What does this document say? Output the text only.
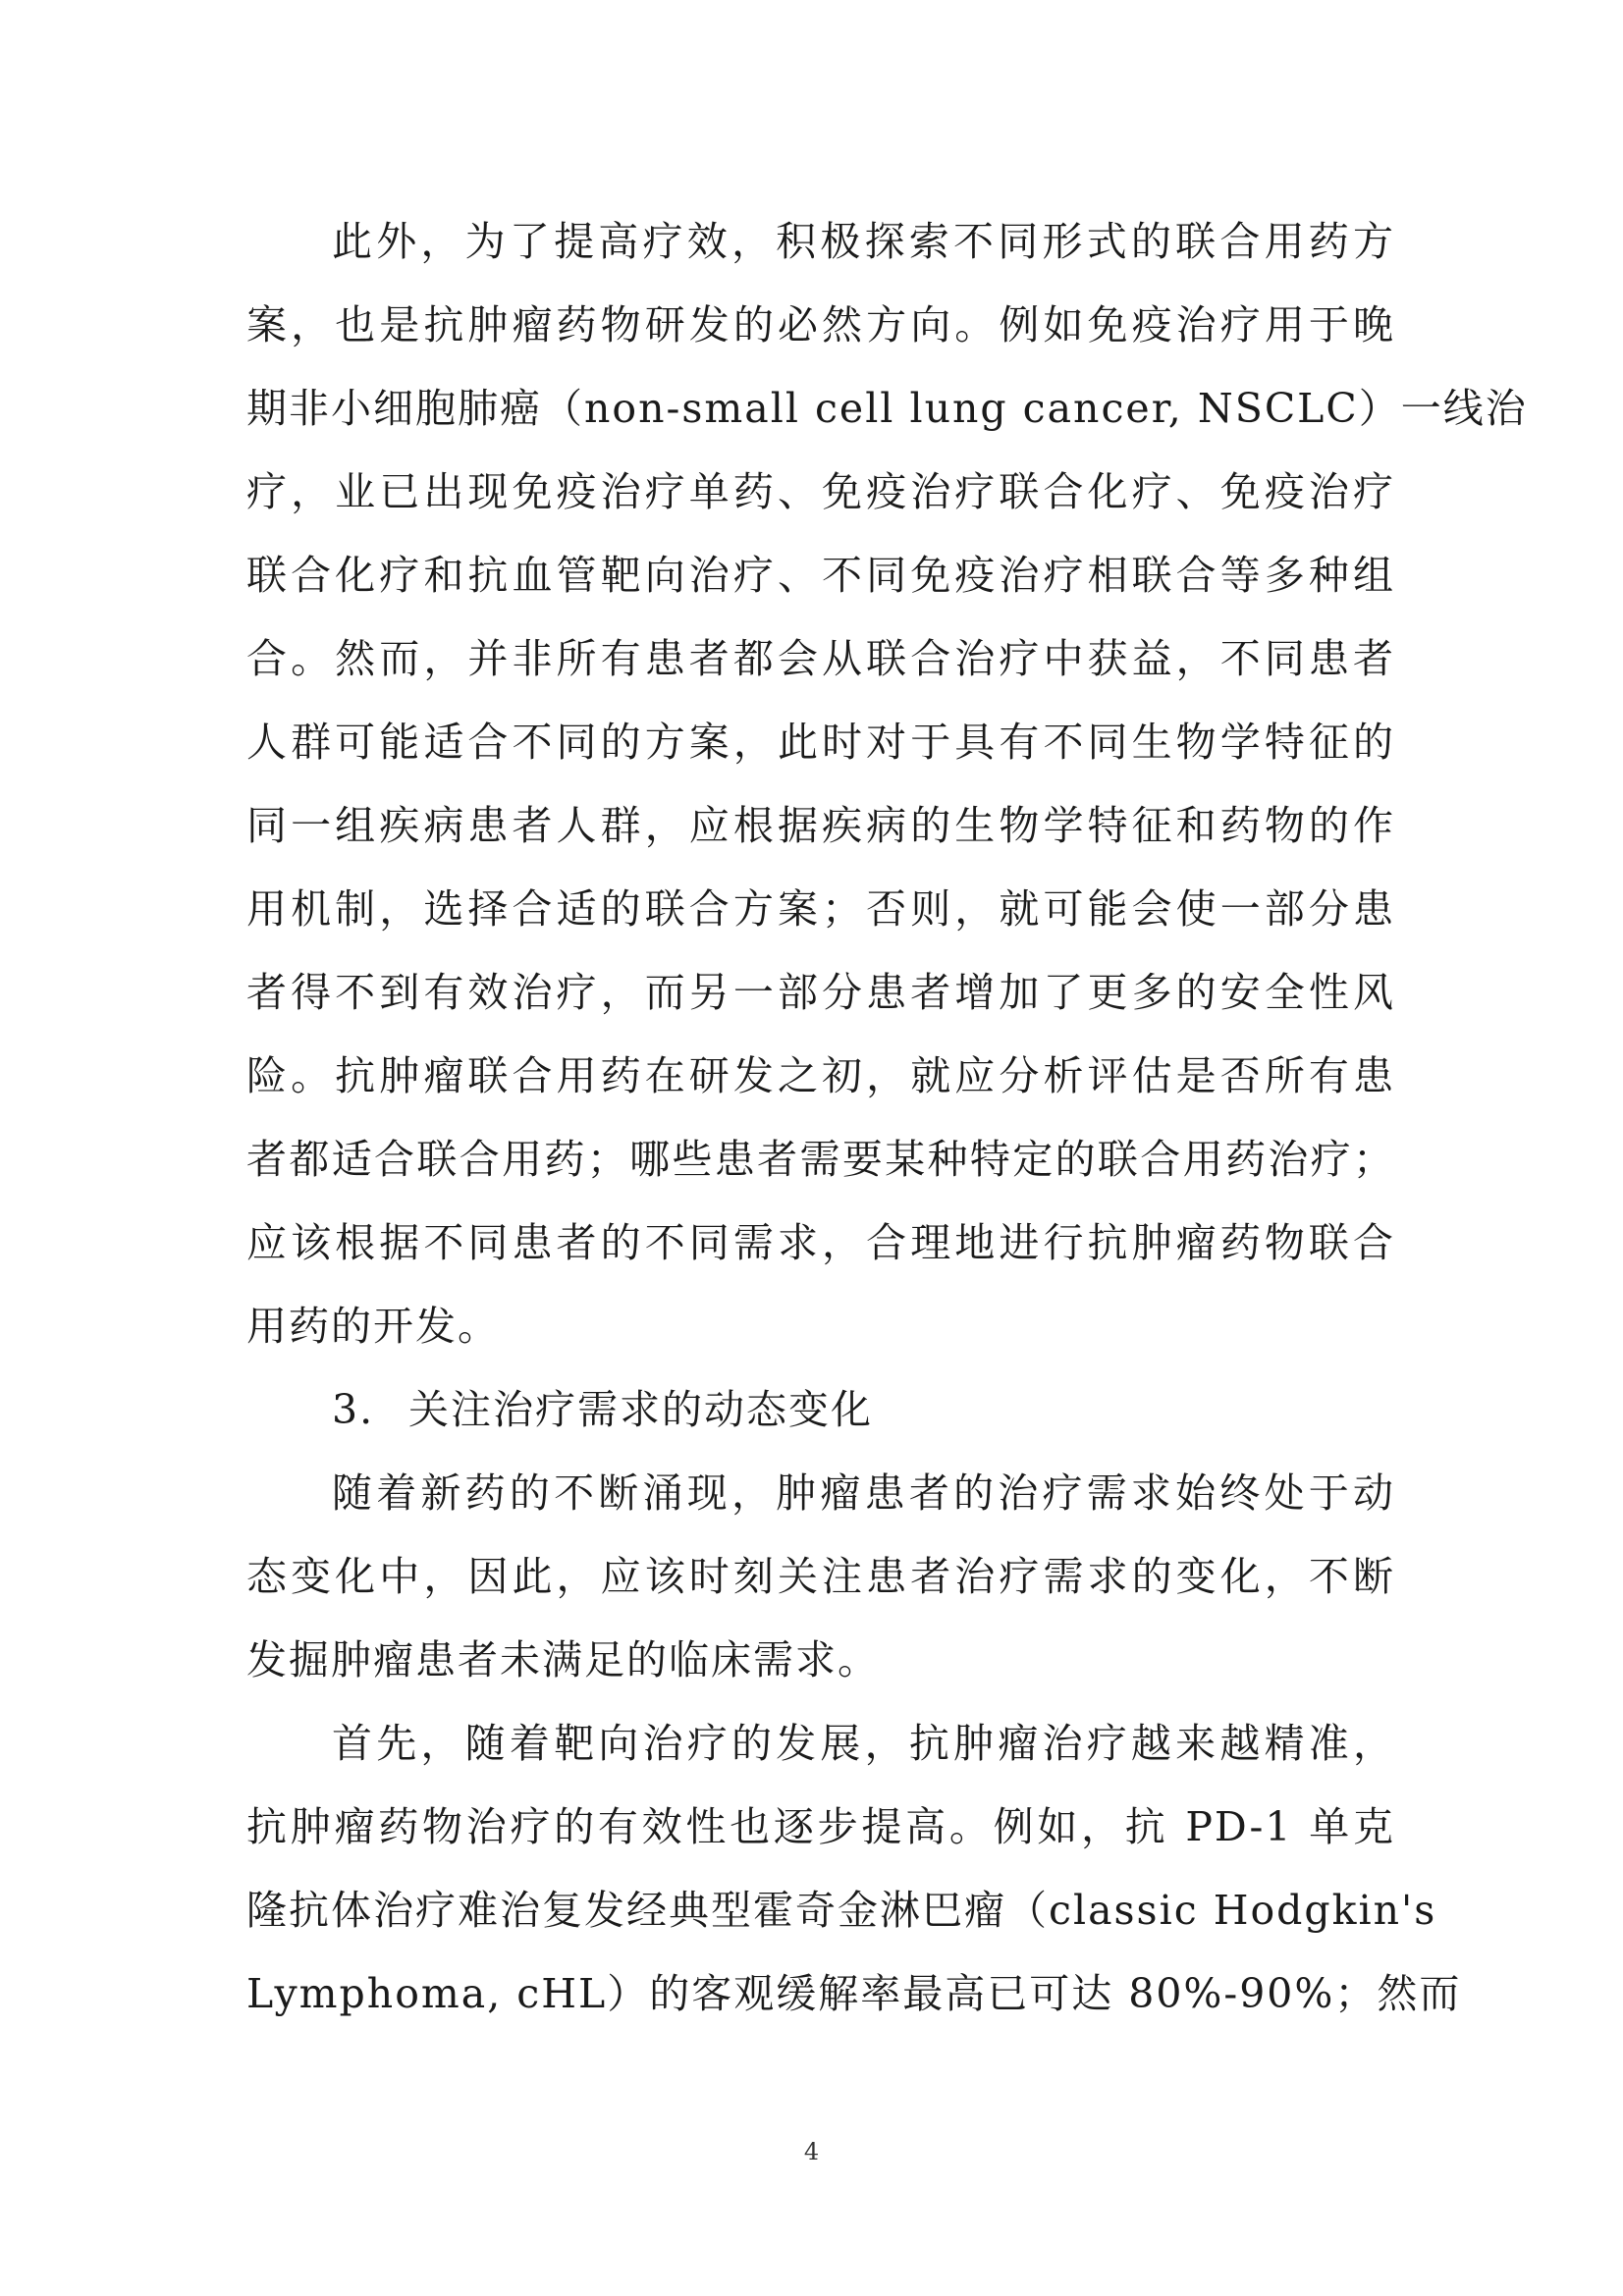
此外，为了提高疗效，积极探索不同形式的联合用药方
案，也是抗肿瘤药物研发的必然方向。例如免疫治疗用于晚
期非小细胞肺癌（non-small cell lung cancer, NSCLC）一线治
疗，业已出现免疫治疗单药、免疫治疗联合化疗、免疫治疗
联合化疗和抗血管靶向治疗、不同免疫治疗相联合等多种组
合。然而，并非所有患者都会从联合治疗中获益，不同患者
人群可能适合不同的方案，此时对于具有不同生物学特征的
同一组疾病患者人群，应根据疾病的生物学特征和药物的作
用机制，选择合适的联合方案；否则，就可能会使一部分患
者得不到有效治疗，而另一部分患者增加了更多的安全性风
险。抗肿瘤联合用药在研发之初，就应分析评估是否所有患
者都适合联合用药；哪些患者需要某种特定的联合用药治疗；
应该根据不同患者的不同需求，合理地进行抗肿瘤药物联合
用药的开发。
3. 关注治疗需求的动态变化
随着新药的不断涌现，肿瘤患者的治疗需求始终处于动
态变化中，因此，应该时刻关注患者治疗需求的变化，不断
发掘肿瘤患者未满足的临床需求。
首先，随着靶向治疗的发展，抗肿瘤治疗越来越精准，
抗肿瘤药物治疗的有效性也逐步提高。例如，抗 PD-1 单克
隆抗体治疗难治复发经典型霍奇金淋巴瘤（classic Hodgkin's
Lymphoma, cHL）的客观缓解率最高已可达 80%-90%；然而
4
